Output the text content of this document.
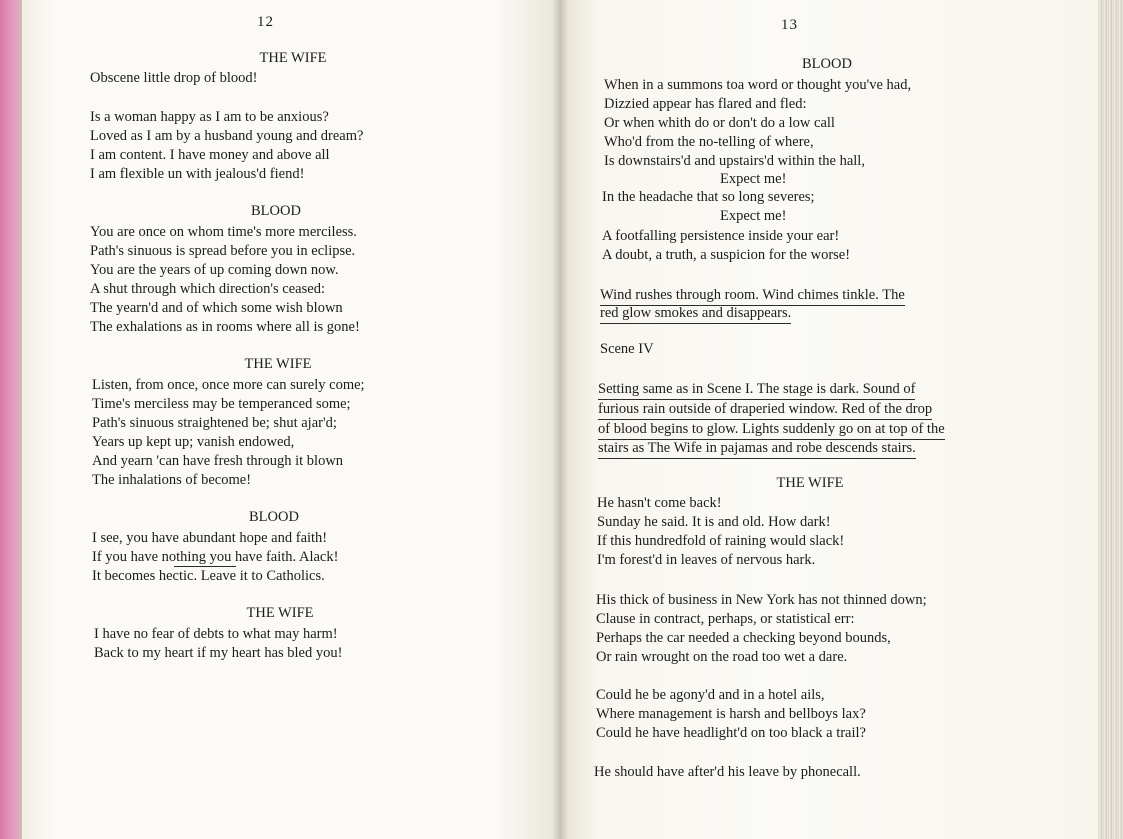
12
THE WIFE
Obscene little drop of blood!
Is a woman happy as I am to be anxious?
Loved as I am by a husband young and dream?
I am content. I have money and above all
I am flexible un with jealous'd fiend!
BLOOD
You are once on whom time's more merciless.
Path's sinuous is spread before you in eclipse.
You are the years of up coming down now.
A shut through which direction's ceased:
The yearn'd and of which some wish blown
The exhalations as in rooms where all is gone!
THE WIFE
Listen, from once, once more can surely come;
Time's merciless may be temperanced some;
Path's sinuous straightened be; shut ajar'd;
Years up kept up; vanish endowed,
And yearn 'can have fresh through it blown
The inhalations of become!
BLOOD
I see, you have abundant hope and faith!
If you have nothing you have faith. Alack!
It becomes hectic. Leave it to Catholics.
THE WIFE
I have no fear of debts to what may harm!
Back to my heart if my heart has bled you!
13
BLOOD
When in a summons toa word or thought you've had,
Dizzied appear has flared and fled:
Or when whith do or don't do a low call
Who'd from the no-telling of where,
Is downstairs'd and upstairs'd within the hall,
Expect me!
In the headache that so long severes;
Expect me!
A footfalling persistence inside your ear!
A doubt, a truth, a suspicion for the worse!
Wind rushes through room. Wind chimes tinkle. The
red glow smokes and disappears.
Scene IV
Setting same as in Scene I. The stage is dark. Sound of
furious rain outside of draperied window. Red of the drop
of blood begins to glow. Lights suddenly go on at top of the
stairs as The Wife in pajamas and robe descends stairs.
THE WIFE
He hasn't come back!
Sunday he said. It is and old. How dark!
If this hundredfold of raining would slack!
I'm forest'd in leaves of nervous hark.
His thick of business in New York has not thinned down;
Clause in contract, perhaps, or statistical err:
Perhaps the car needed a checking beyond bounds,
Or rain wrought on the road too wet a dare.
Could he be agony'd and in a hotel ails,
Where management is harsh and bellboys lax?
Could he have headlight'd on too black a trail?
He should have after'd his leave by phonecall.
